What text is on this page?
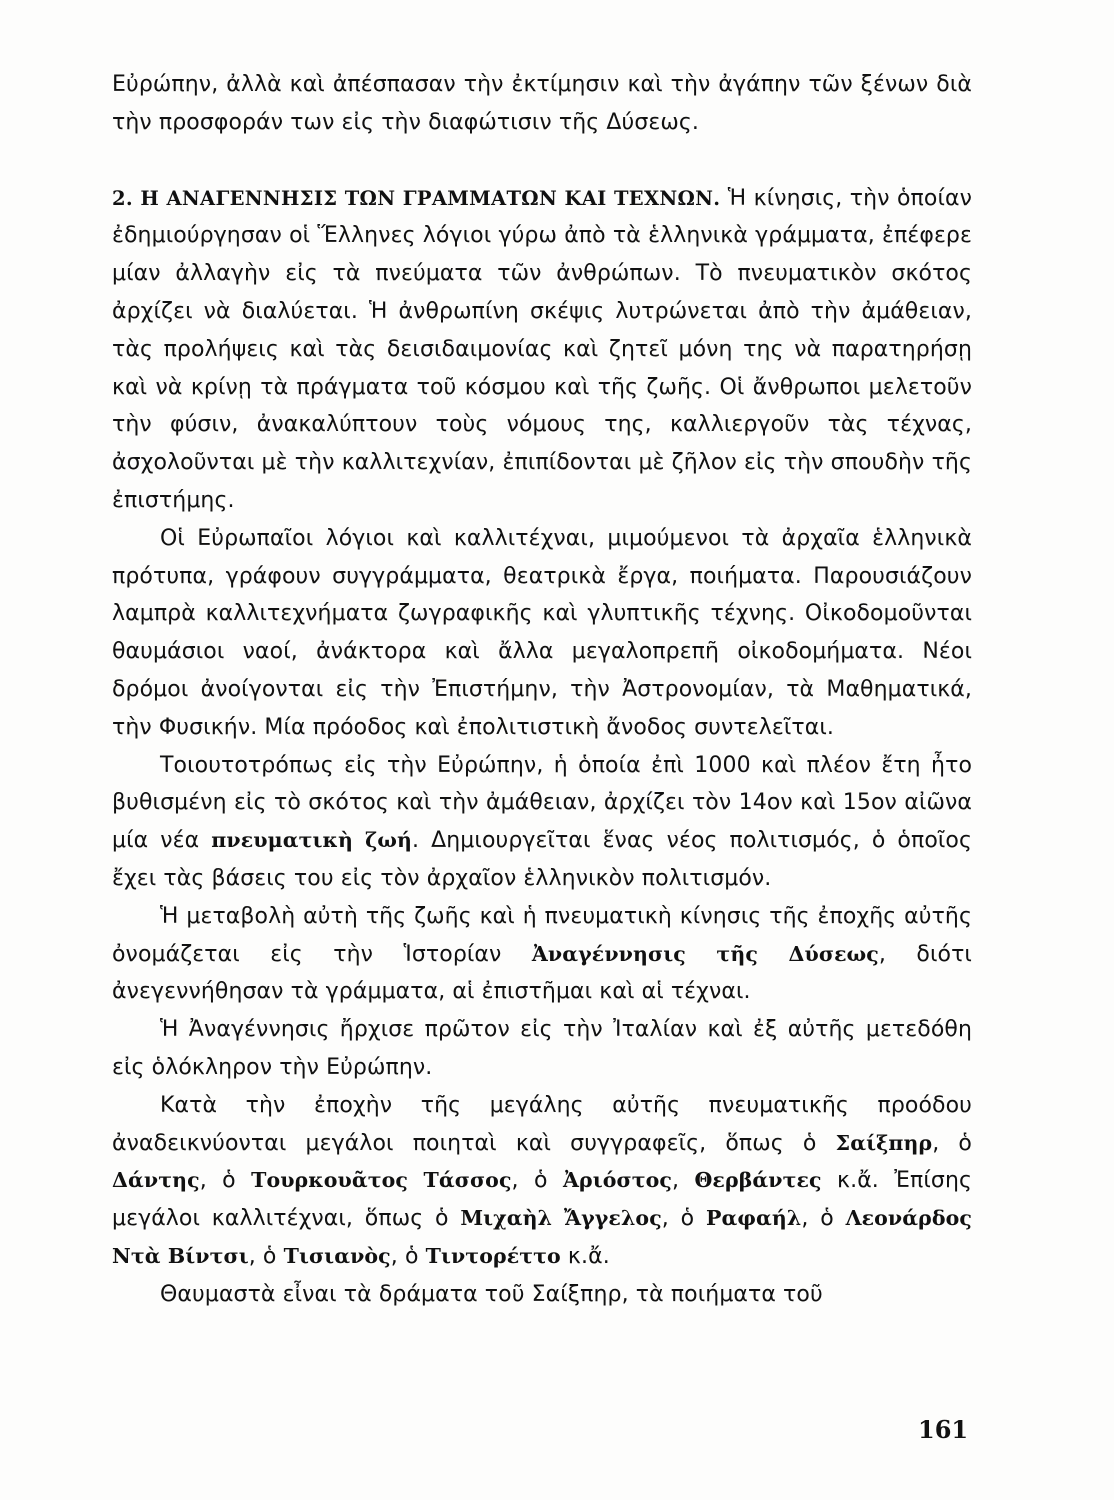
Εὐρώπην, ἀλλὰ καὶ ἀπέσπασαν τὴν ἐκτίμησιν καὶ τὴν ἀγάπην τῶν ξένων διὰ τὴν προσφοράν των εἰς τὴν διαφώτισιν τῆς Δύσεως.

2. Η ΑΝΑΓΕΝΝΗΣΙΣ ΤΩΝ ΓΡΑΜΜΑΤΩΝ ΚΑΙ ΤΕΧΝΩΝ. Ἡ κίνησις, τὴν ὁποίαν ἐδημιούργησαν οἱ Ἕλληνες λόγιοι γύρω ἀπὸ τὰ ἑλληνικὰ γράμματα, ἐπέφερε μίαν ἀλλαγὴν εἰς τὰ πνεύματα τῶν ἀνθρώπων. Τὸ πνευματικὸν σκότος ἀρχίζει νὰ διαλύεται. Ἡ ἀνθρωπίνη σκέψις λυτρώνεται ἀπὸ τὴν ἀμάθειαν, τὰς προλήψεις καὶ τὰς δεισιδαιμονίας καὶ ζητεῖ μόνη της νὰ παρατηρήσῃ καὶ νὰ κρίνῃ τὰ πράγματα τοῦ κόσμου καὶ τῆς ζωῆς. Οἱ ἄνθρωποι μελετοῦν τὴν φύσιν, ἀνακαλύπτουν τοὺς νόμους της, καλλιεργοῦν τὰς τέχνας, ἀσχολοῦνται μὲ τὴν καλλιτεχνίαν, ἐπιπίδονται μὲ ζῆλον εἰς τὴν σπουδὴν τῆς ἐπιστήμης.

Οἱ Εὐρωπαῖοι λόγιοι καὶ καλλιτέχναι, μιμούμενοι τὰ ἀρχαῖα ἑλληνικὰ πρότυπα, γράφουν συγγράμματα, θεατρικὰ ἔργα, ποιήματα. Παρουσιάζουν λαμπρὰ καλλιτεχνήματα ζωγραφικῆς καὶ γλυπτικῆς τέχνης. Οἰκοδομοῦνται θαυμάσιοι ναοί, ἀνάκτορα καὶ ἄλλα μεγαλοπρεπῆ οἰκοδομήματα. Νέοι δρόμοι ἀνοίγονται εἰς τὴν Ἐπιστήμην, τὴν Ἀστρονομίαν, τὰ Μαθηματικά, τὴν Φυσικήν. Μία πρόοδος καὶ ἐπολιτιστικὴ ἄνοδος συντελεῖται.

Τοιουτοτρόπως εἰς τὴν Εὐρώπην, ἡ ὁποία ἐπὶ 1000 καὶ πλέον ἔτη ἦτο βυθισμένη εἰς τὸ σκότος καὶ τὴν ἀμάθειαν, ἀρχίζει τὸν 14ον καὶ 15ον αἰῶνα μία νέα πνευματικὴ ζωή. Δημιουργεῖται ἕνας νέος πολιτισμός, ὁ ὁποῖος ἔχει τὰς βάσεις του εἰς τὸν ἀρχαῖον ἑλληνικὸν πολιτισμόν.

Ἡ μεταβολὴ αὐτὴ τῆς ζωῆς καὶ ἡ πνευματικὴ κίνησις τῆς ἐποχῆς αὐτῆς ὀνομάζεται εἰς τὴν Ἱστορίαν Ἀναγέννησις τῆς Δύσεως, διότι ἀνεγεννήθησαν τὰ γράμματα, αἱ ἐπιστῆμαι καὶ αἱ τέχναι.

Ἡ Ἀναγέννησις ἤρχισε πρῶτον εἰς τὴν Ἰταλίαν καὶ ἐξ αὐτῆς μετεδόθη εἰς ὁλόκληρον τὴν Εὐρώπην.

Κατὰ τὴν ἐποχὴν τῆς μεγάλης αὐτῆς πνευματικῆς προόδου ἀναδεικνύονται μεγάλοι ποιηταὶ καὶ συγγραφεῖς, ὅπως ὁ Σαίξπηρ, ὁ Δάντης, ὁ Τουρκουᾶτος Τάσσος, ὁ Ἀριόστος, Θερβάντες κ.ἄ. Ἐπίσης μεγάλοι καλλιτέχναι, ὅπως ὁ Μιχαὴλ Ἄγγελος, ὁ Ραφαήλ, ὁ Λεονάρδος Ντὰ Βίντσι, ὁ Τισιανὸς, ὁ Τιντορέττο κ.ἄ.

Θαυμαστὰ εἶναι τὰ δράματα τοῦ Σαίξπηρ, τὰ ποιήματα τοῦ

161
